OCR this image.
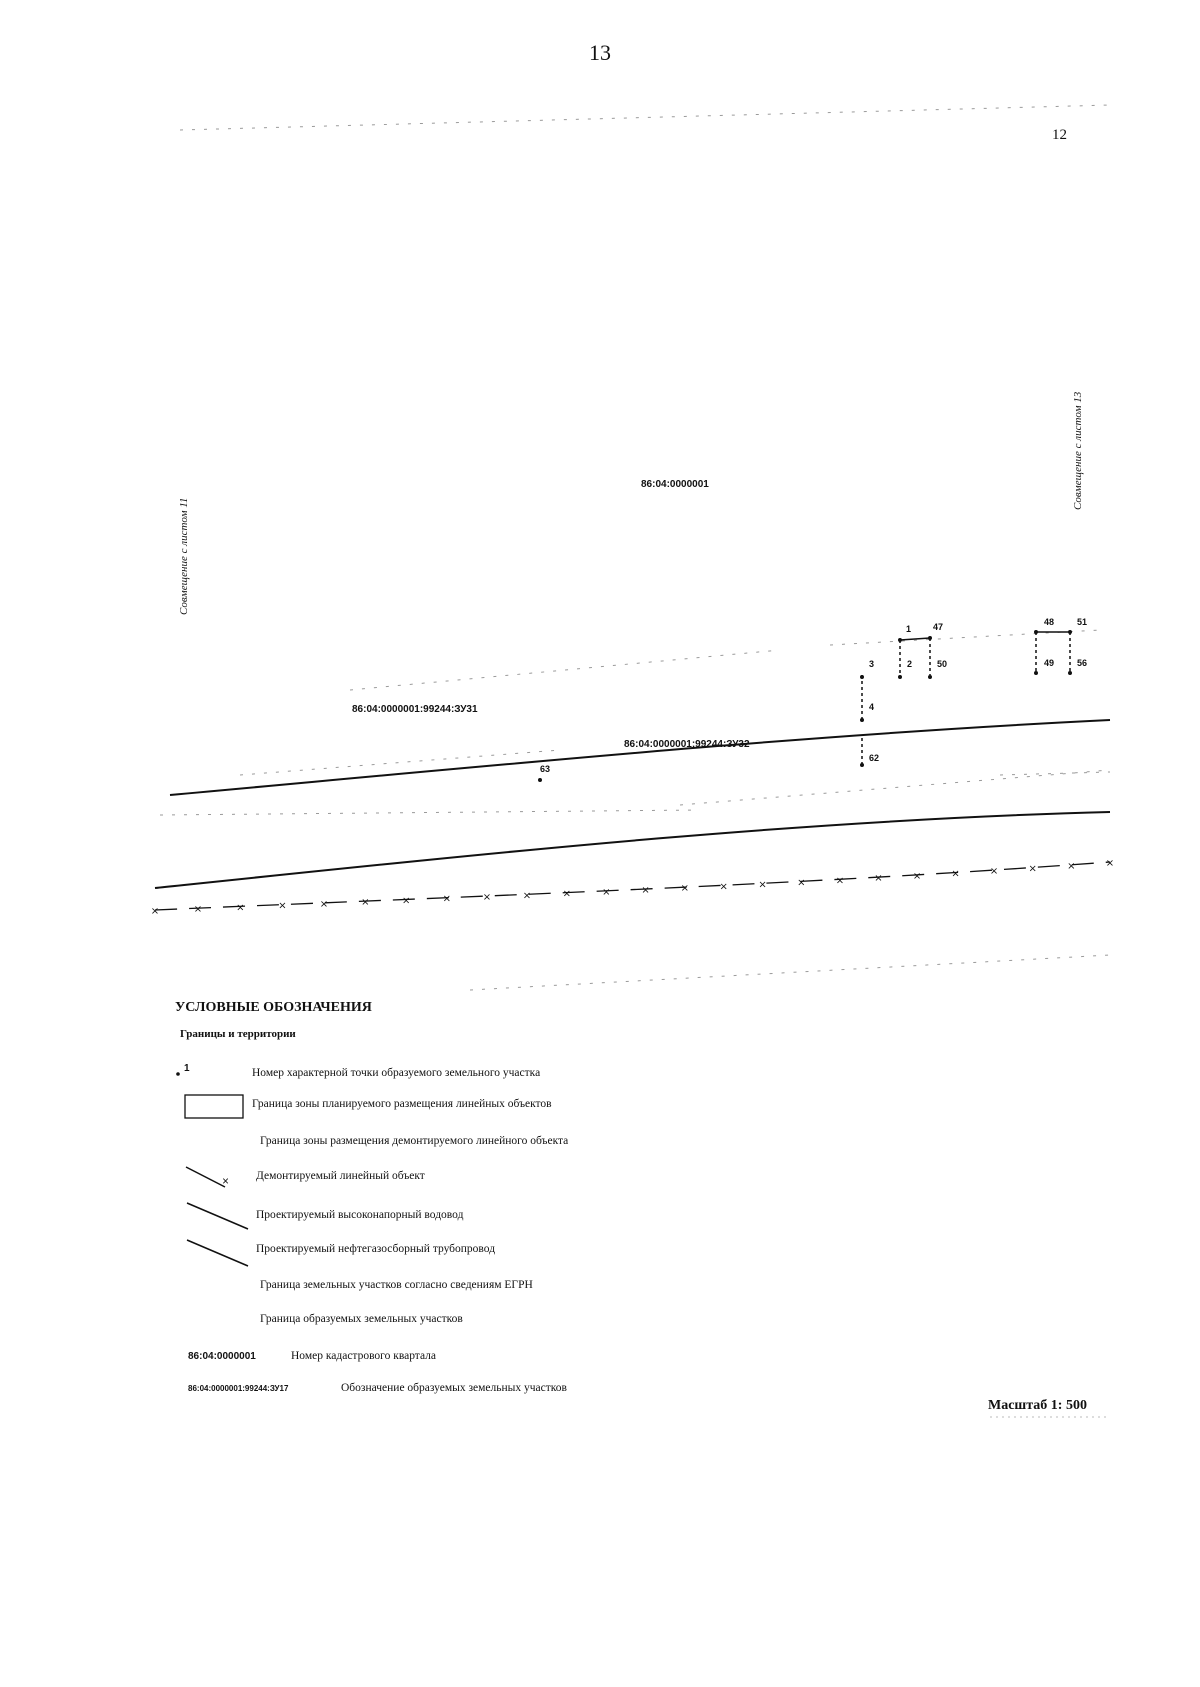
13
12
×	×	×	×	×	×	×	×	×	×	×	×	×	×	×	×	×	×	×	×	×	×	×	×	×
Совмещение с листом 11
Совмещение с листом 13
86:04:0000001
86:04:0000001:99244:ЗУ31
86:04:0000001:99244:ЗУ32
1 47
3	2	50
48	51
49	56
4
62
63
УСЛОВНЫЕ ОБОЗНАЧЕНИЯ
Границы и территории
1	Номер характерной точки образуемого земельного участка
Граница зоны планируемого размещения линейных объектов
Граница зоны размещения демонтируемого линейного объекта
× Демонтируемый линейный объект
Проектируемый высоконапорный водовод
Проектируемый нефтегазосборный трубопровод
Граница земельных участков согласно сведениям ЕГРН
Граница образуемых земельных участков
86:04:0000001	Номер кадастрового квартала
86:04:0000001:99244:ЗУ17	Обозначение образуемых земельных участков
Масштаб 1: 500
